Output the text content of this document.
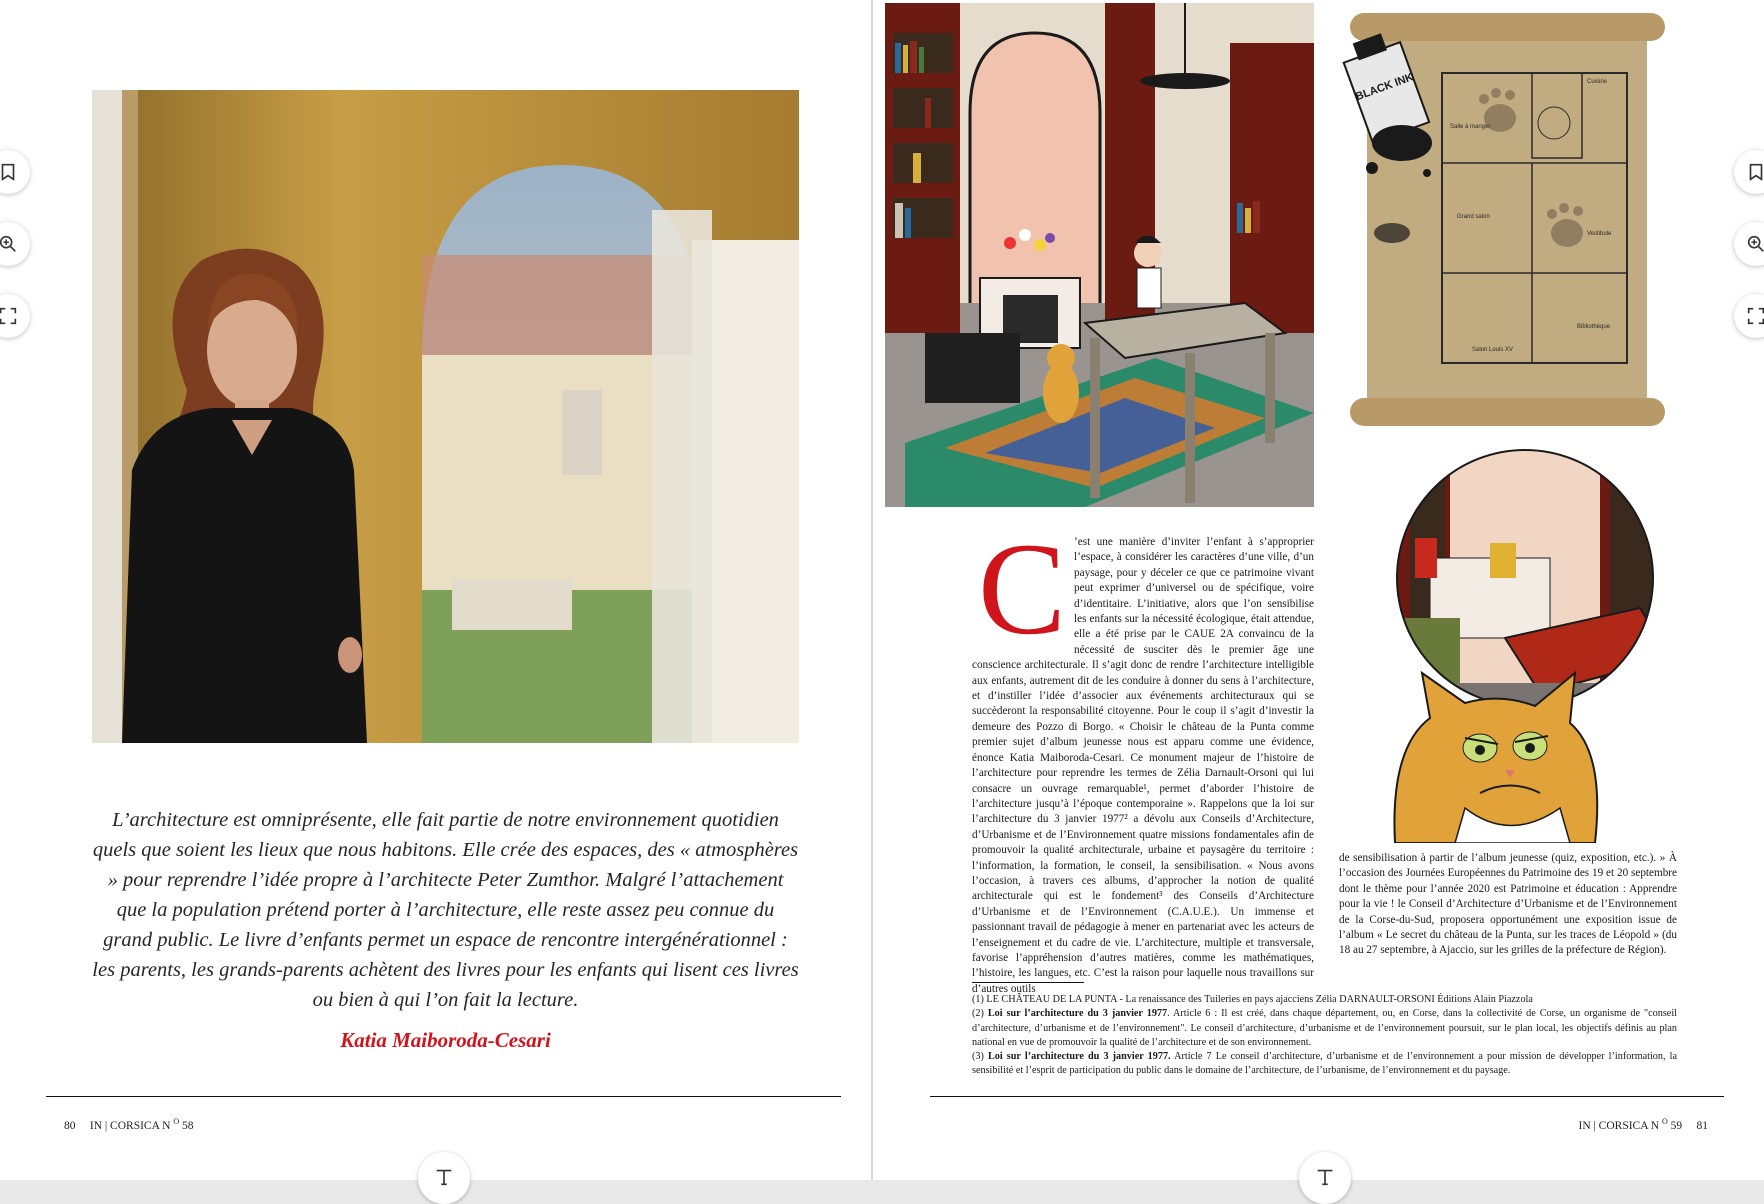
L’architecture est omniprésente, elle fait partie de notre environnement quotidien quels que soient les lieux que nous habitons. Elle crée des espaces, des « atmosphères » pour reprendre l’idée propre à l’architecte Peter Zumthor. Malgré l’attachement que la population prétend porter à l’architecture, elle reste assez peu connue du grand public. Le livre d’enfants permet un espace de rencontre intergénérationnel : les parents, les grands-parents achètent des livres pour les enfants qui lisent ces livres ou bien à qui l’on fait la lecture.
Katia Maiboroda-Cesari
80 IN | CORSICA N $^O$ 58
BLACK INK	Cuisine
Salle à manger
Grand salon
Vestibule
Bibliothèque
Salon Louis XV
C ’est une manière d’inviter l’enfant à s’approprier l’espace, à considérer les caractères d’une ville, d’un paysage, pour y déceler ce que ce patrimoine vivant peut exprimer d’universel ou de spécifique, voire d’identitaire. L’initiative, alors que l’on sensibilise les enfants sur la nécessité écologique, était attendue, elle a été prise par le CAUE 2A convaincu de la nécessité de susciter dès le premier âge une conscience architecturale. Il s’agit donc de rendre l’architecture intelligible aux enfants, autrement dit de les conduire à donner du sens à l’architecture, et d’instiller l’idée d’associer aux événements architecturaux qui se succèderont la responsabilité citoyenne. Pour le coup il s’agit d’investir la demeure des Pozzo di Borgo. « Choisir le château de la Punta comme premier sujet d’album jeunesse nous est apparu comme une évidence, énonce Katia Maiboroda-Cesari. Ce monument majeur de l’histoire de l’architecture pour reprendre les termes de Zélia Darnault-Orsoni qui lui consacre un ouvrage remarquable¹, permet d’aborder l’histoire de l’architecture jusqu’à l’époque contemporaine ». Rappelons que la loi sur l’architecture du 3 janvier 1977² a dévolu aux Conseils d’Architecture, d’Urbanisme et de l’Environnement quatre missions fondamentales afin de promouvoir la qualité architecturale, urbaine et paysagère du territoire : l’information, la formation, le conseil, la sensibilisation. « Nous avons l’occasion, à travers ces albums, d’approcher la notion de qualité architecturale qui est le fondement³ des Conseils d’Architecture d’Urbanisme et de l’Environnement (C.A.U.E.). Un immense et passionnant travail de pédagogie à mener en partenariat avec les acteurs de l’enseignement et du cadre de vie. L’architecture, multiple et transversale, favorise l’appréhension d’autres matières, comme les mathématiques, l’histoire, les langues, etc. C’est la raison pour laquelle nous travaillons sur d’autres outils
de sensibilisation à partir de l’album jeunesse (quiz, exposition, etc.). » À l’occasion des Journées Européennes du Patrimoine des 19 et 20 septembre dont le thème pour l’année 2020 est Patrimoine et éducation : Apprendre pour la vie ! le Conseil d’Architecture d’Urbanisme et de l’Environnement de la Corse-du-Sud, proposera opportunément une exposition issue de l’album « Le secret du château de la Punta, sur les traces de Léopold » (du 18 au 27 septembre, à Ajaccio, sur les grilles de la préfecture de Région).

(1) LE CHÂTEAU DE LA PUNTA - La renaissance des Tuileries en pays ajacciens Zélia DARNAULT-ORSONI Éditions Alain Piazzola

(2) Loi sur l’architecture du 3 janvier 1977. Article 6 : Il est créé, dans chaque département, ou, en Corse, dans la collectivité de Corse, un organisme de "conseil d’architecture, d’urbanisme et de l’environnement". Le conseil d’architecture, d’urbanisme et de l’environnement poursuit, sur le plan local, les objectifs définis au plan national en vue de promouvoir la qualité de l’architecture et de son environnement.

(3) Loi sur l’architecture du 3 janvier 1977. Article 7 Le conseil d’architecture, d’urbanisme et de l’environnement a pour mission de développer l’information, la sensibilité et l’esprit de participation du public dans le domaine de l’architecture, de l’urbanisme, de l’environnement et du paysage.

IN | CORSICA N $^O$ 59 81
